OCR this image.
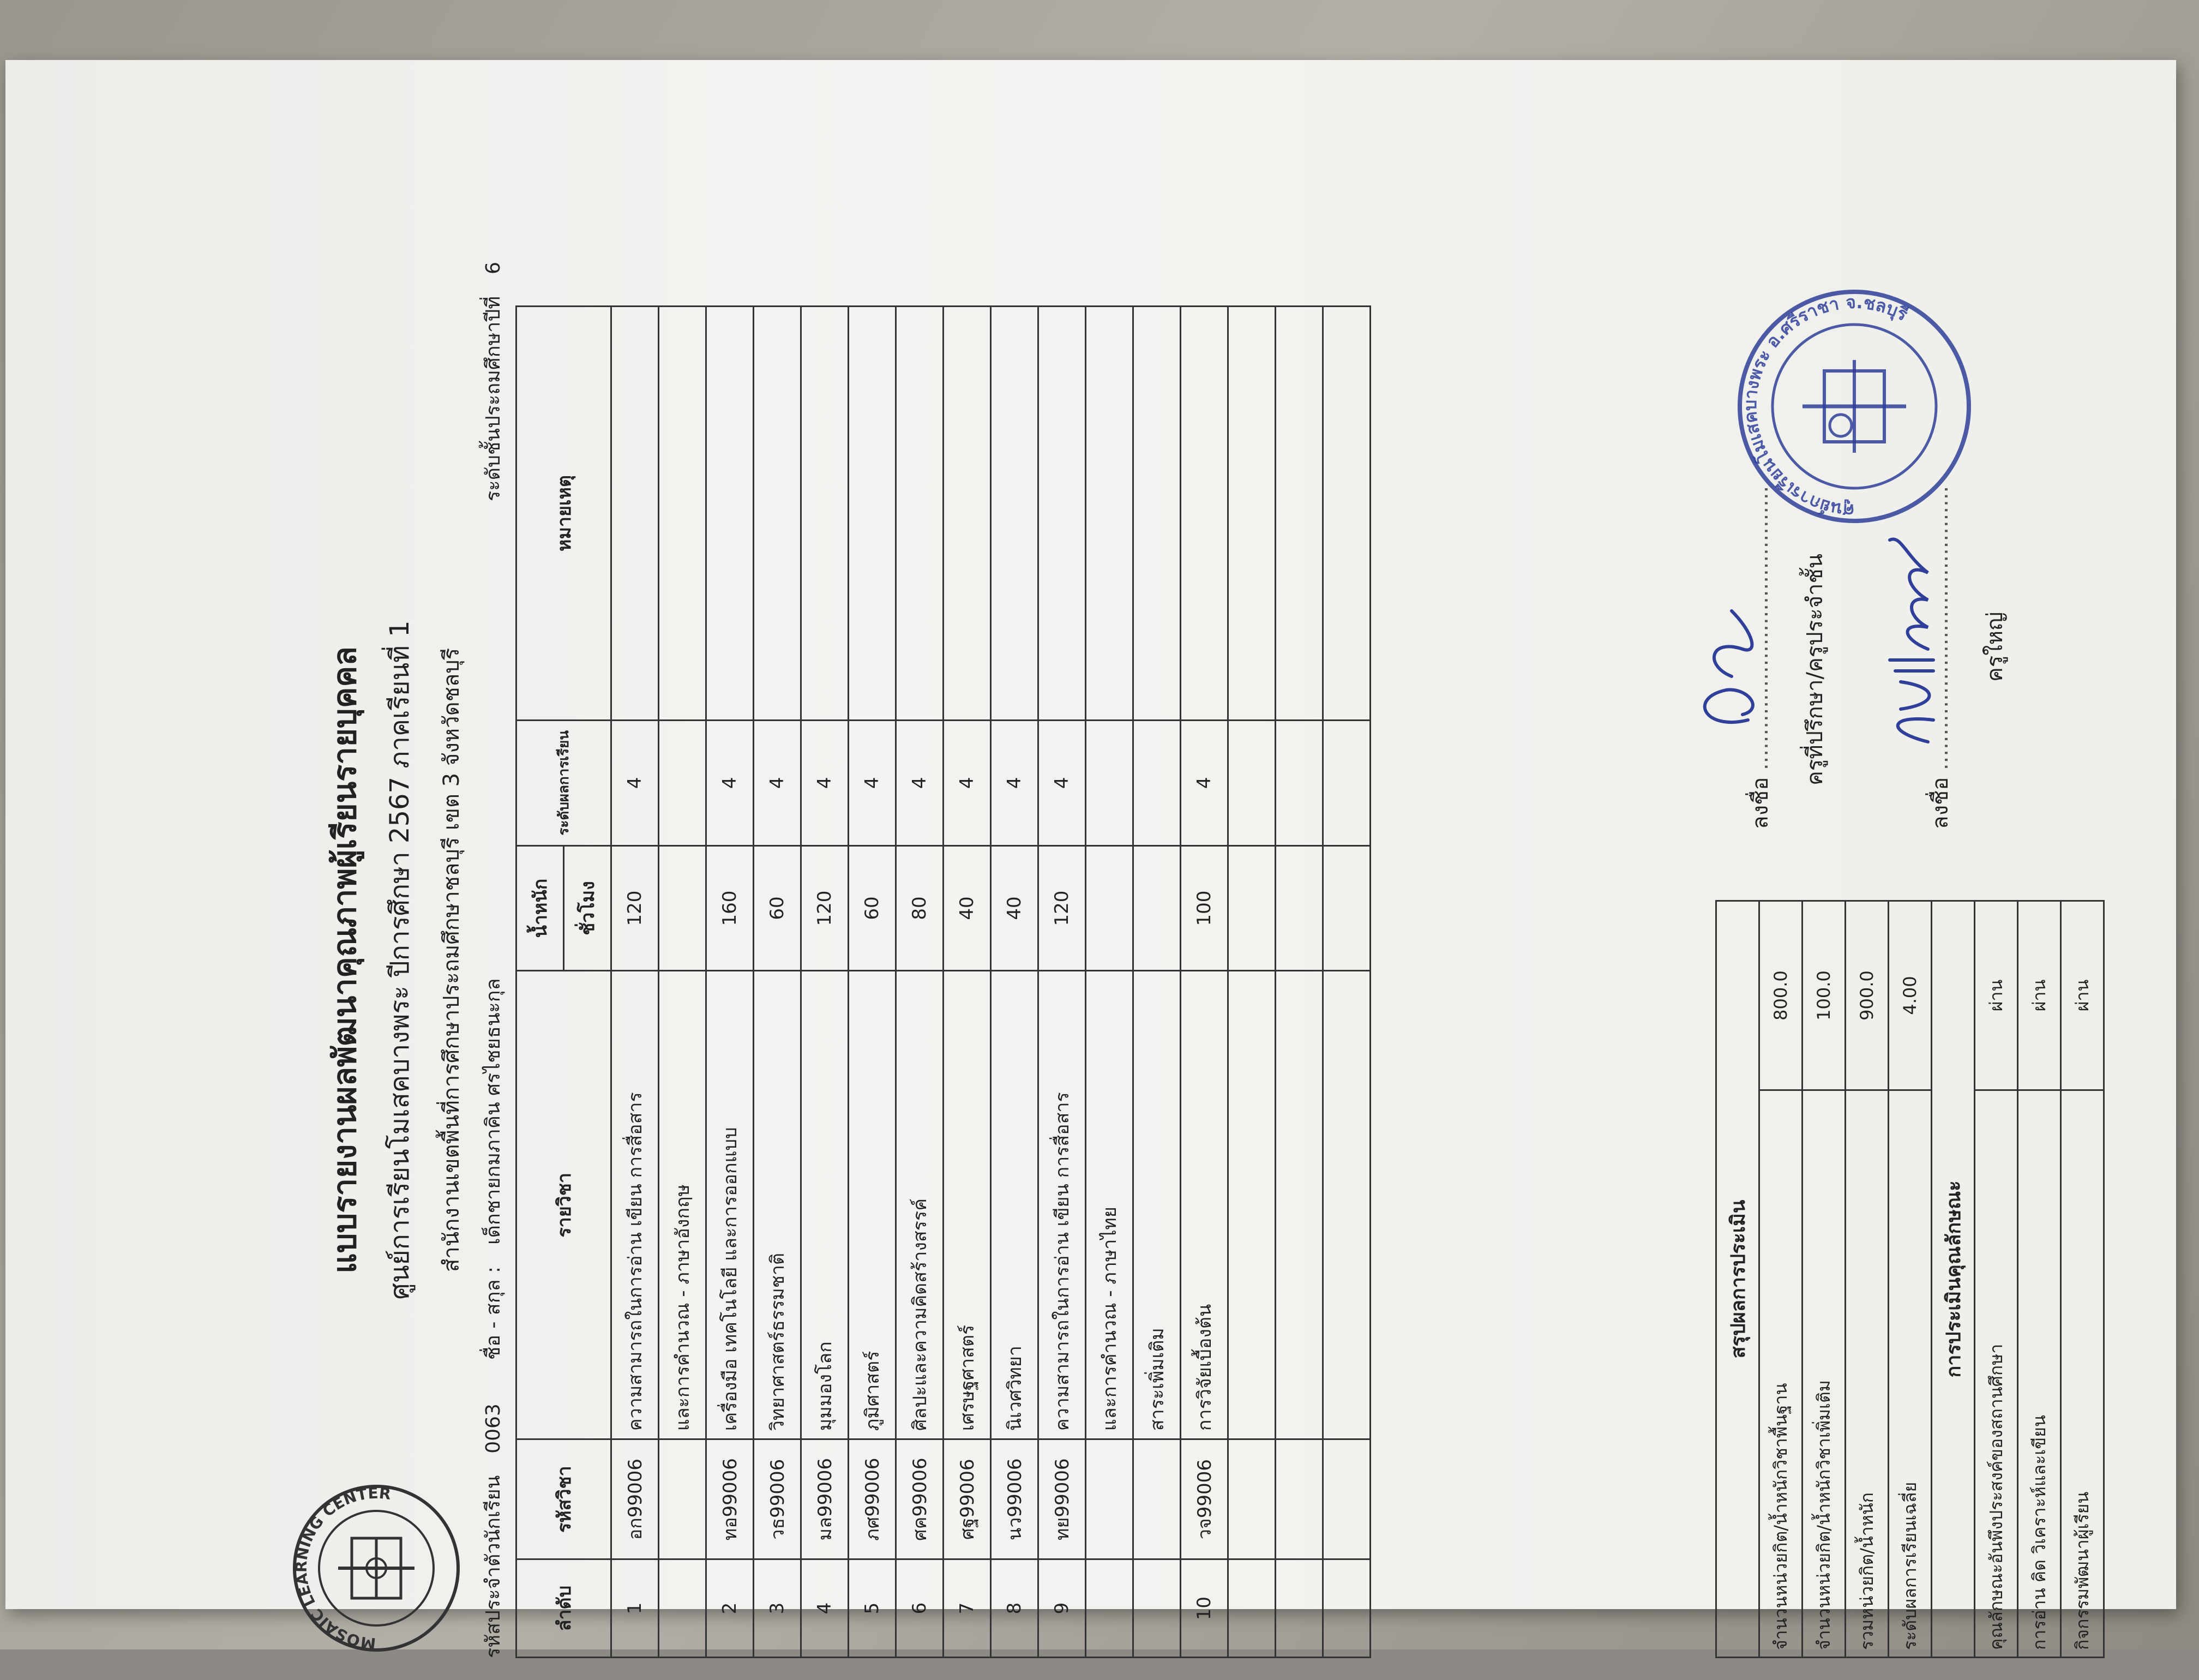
MOSAIC LEARNING CENTER
แบบรายงานผลพัฒนาคุณภาพผู้เรียนรายบุคคล ศูนย์การเรียนโมเสคบางพระ ปีการศึกษา 2567 ภาคเรียนที่ 1 สำนักงานเขตพื้นที่การศึกษาประถมศึกษาชลบุรี เขต 3 จังหวัดชลบุรี
รหัสประจำตัวนักเรียน
0063
ชื่อ - สกุล :
เด็กชายกมภาคิน ศรไชยธนะกุล
ระดับชั้นประถมศึกษาปีที่
6
ลำดับ	รหัสวิชา	รายวิชา	น้ำหนัก	ระดับผลการเรียน	หมายเหตุ
			ชั่วโมง		
1	อก99006	ความสามารถในการอ่าน เขียน การสื่อสาร	120	4	
		และการคำนวณ - ภาษาอังกฤษ			
2	ทอ99006	เครื่องมือ เทคโนโลยี และการออกแบบ	160	4	
3	วธ99006	วิทยาศาสตร์ธรรมชาติ	60	4	
4	มล99006	มุมมองโลก	120	4	
5	ภศ99006	ภูมิศาสตร์	60	4	
6	ศค99006	ศิลปะและความคิดสร้างสรรค์	80	4	
7	ศฐ99006	เศรษฐศาสตร์	40	4	
8	นว99006	นิเวศวิทยา	40	4	
9	ทย99006	ความสามารถในการอ่าน เขียน การสื่อสาร	120	4	
		และการคำนวณ - ภาษาไทย			
		สาระเพิ่มเติม			
10	วจ99006	การวิจัยเบื้องต้น	100	4	

สรุปผลการประเมิน	
จำนวนหน่วยกิต/น้ำหนักวิชาพื้นฐาน	800.0
จำนวนหน่วยกิต/น้ำหนักวิชาเพิ่มเติม	100.0
รวมหน่วยกิต/น้ำหนัก	900.0
ระดับผลการเรียนเฉลี่ย	4.00
การประเมินคุณลักษณะ	
คุณลักษณะอันพึงประสงค์ของสถานศึกษา	ผ่าน
การอ่าน คิด วิเคราะห์และเขียน	ผ่าน
กิจกรรมพัฒนาผู้เรียน	ผ่าน
ลงชื่อ ......................................... ครูที่ปรึกษา/ครูประจำชั้น
ลงชื่อ ......................................... ครูใหญ่
ศูนย์การเรียนโมเสคบางพระ อ.ศรีราชา จ.ชลบุรี
